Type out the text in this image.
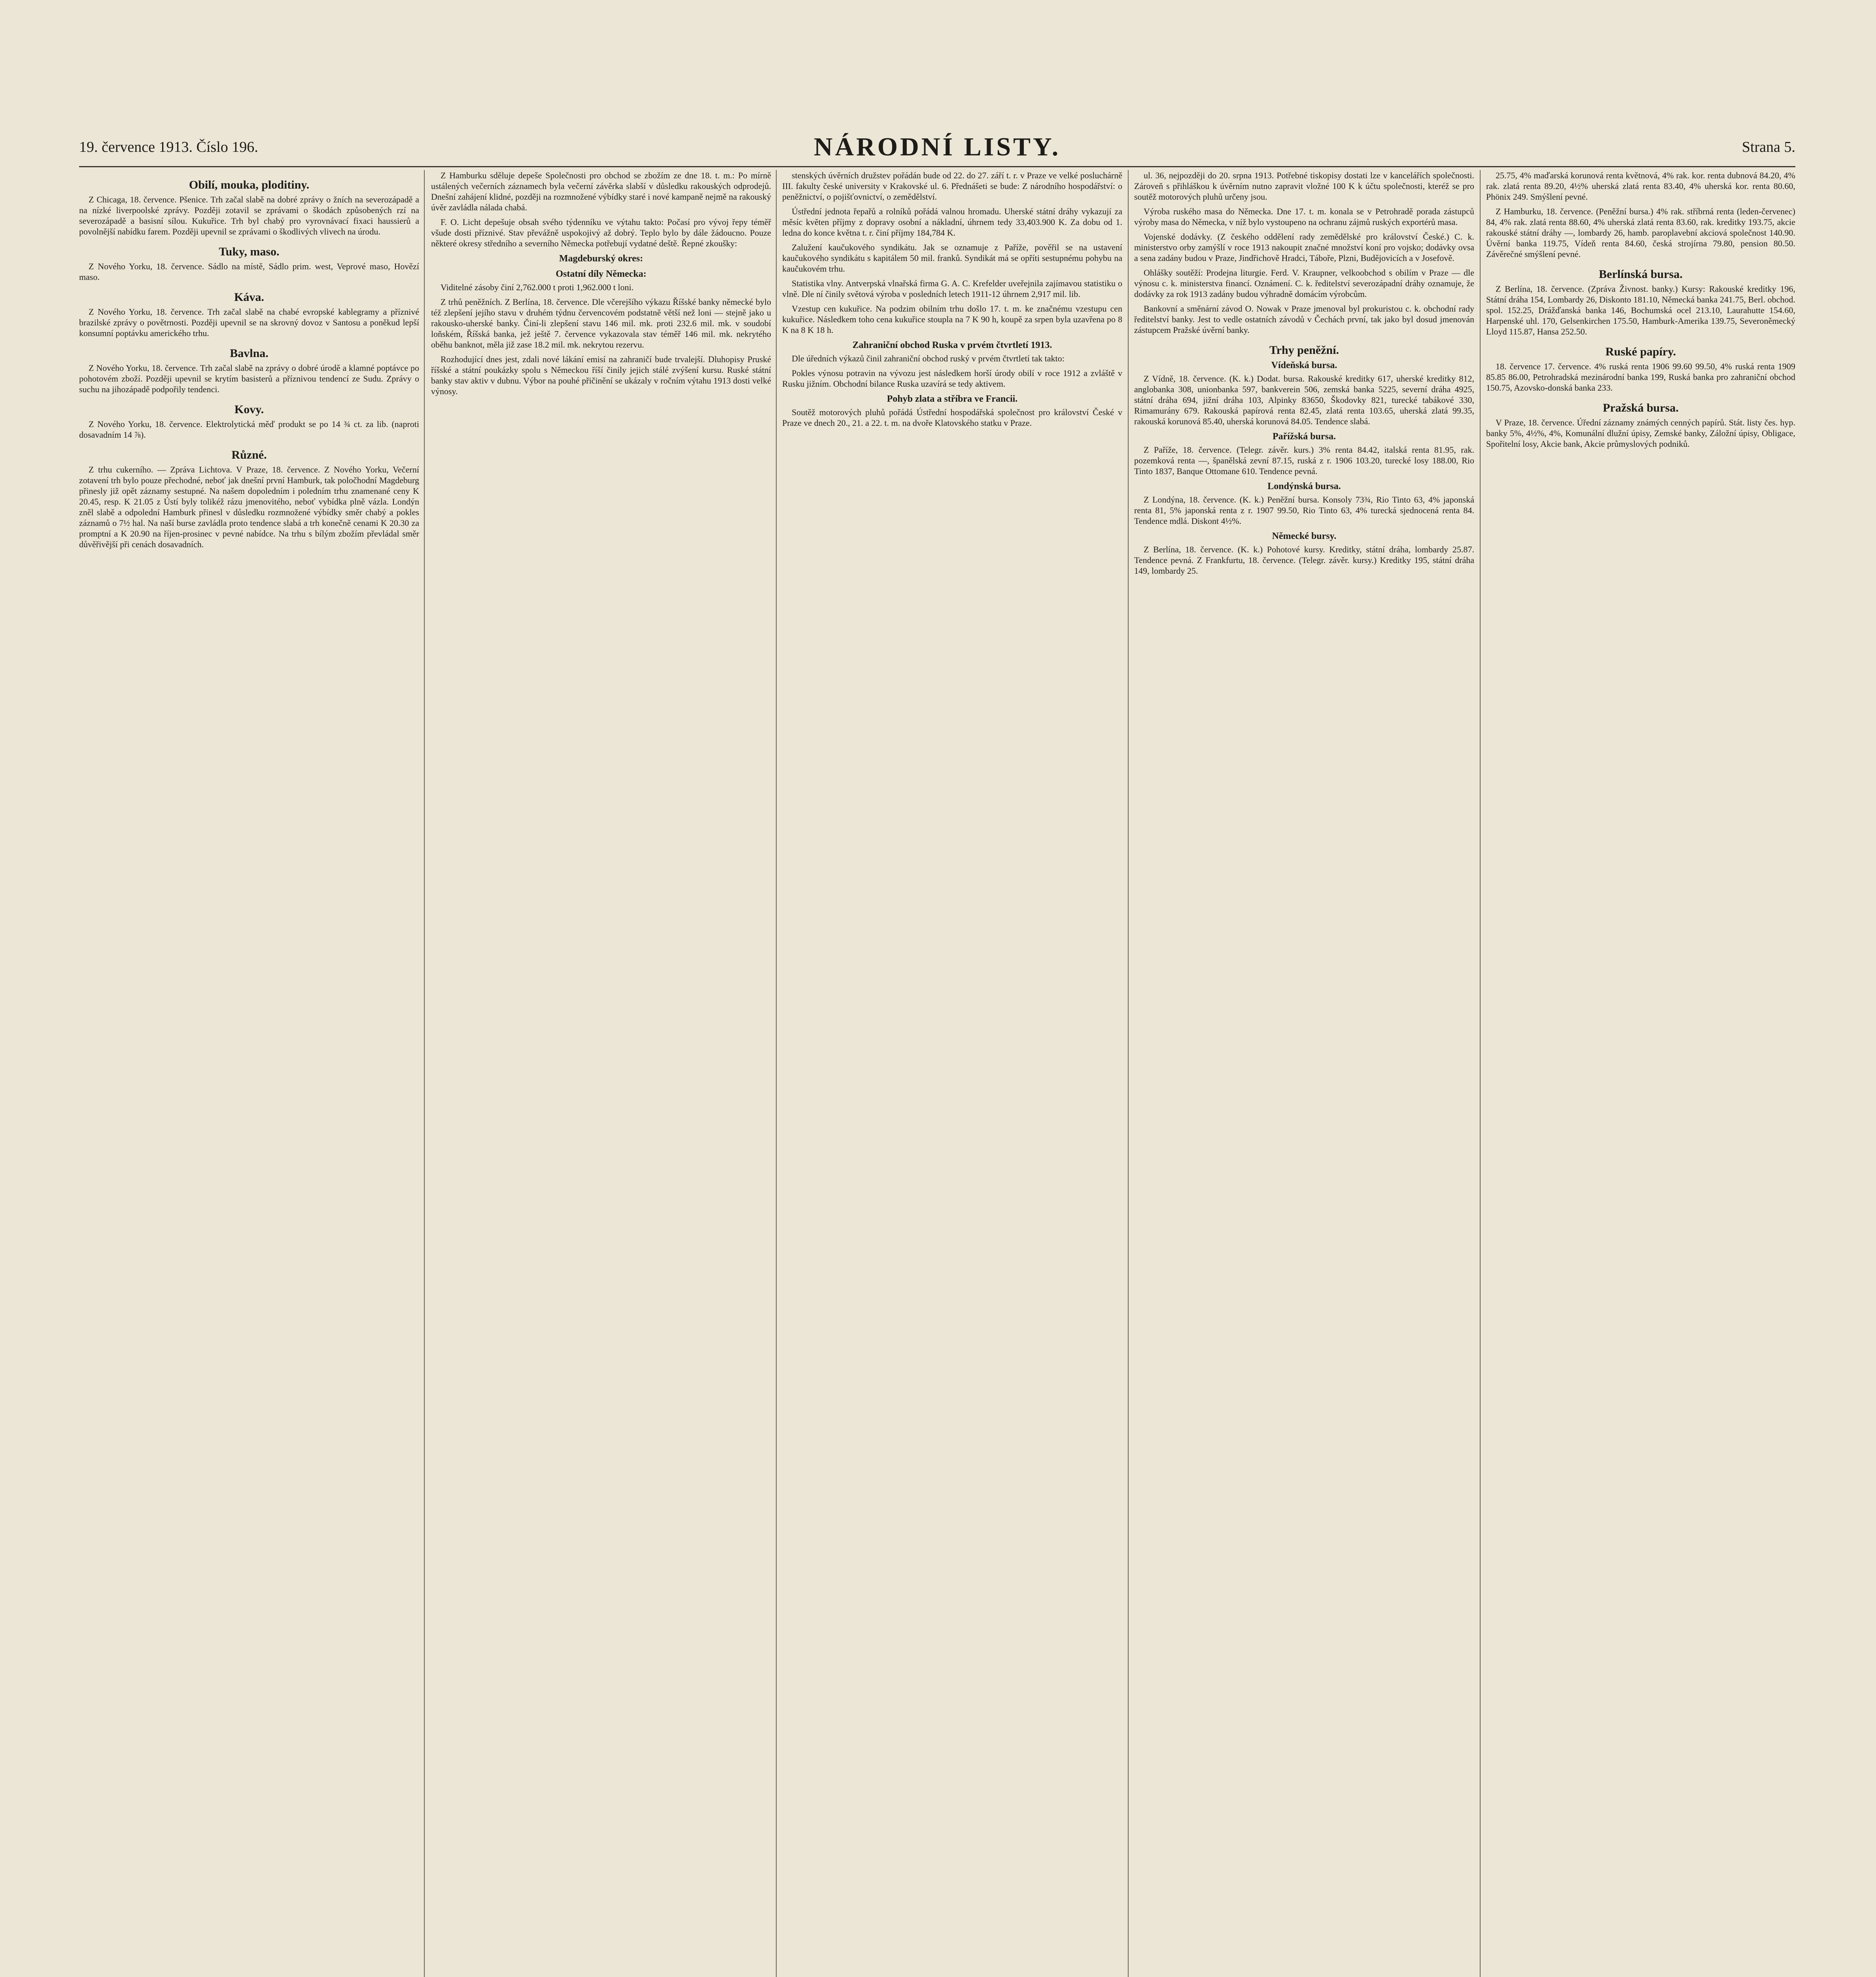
19. července 1913. Číslo 196.	NÁRODNÍ LISTY.	Strana 5.
Obilí, mouka, ploditiny.

Z Chicaga, 18. července. Pšenice. Trh začal slabě na dobré zprávy o žních na severozápadě a na nízké liverpoolské zprávy. Později zotavil se zprávami o škodách způsobených rzí na severozápadě a basisní sílou. Kukuřice. Trh byl chabý pro vyrovnávací fixaci haussierů a povolnější nabídku farem. Později upevnil se zprávami o škodlivých vlivech na úrodu.

Tuky, maso.

Z Nového Yorku, 18. července. Sádlo na místě, Sádlo prim. west, Veprové maso, Hovězí maso.

Káva.

Z Nového Yorku, 18. července. Trh začal slabě na chabé evropské kablegramy a příznivé brazilské zprávy o povětrnosti. Později upevnil se na skrovný dovoz v Santosu a poněkud lepší konsumní poptávku amerického trhu.

Bavlna.

Z Nového Yorku, 18. července. Trh začal slabě na zprávy o dobré úrodě a klamné poptávce po pohotovém zboží. Později upevnil se krytím basisterů a příznivou tendencí ze Sudu. Zprávy o suchu na jihozápadě podpořily tendenci.

Kovy.

Z Nového Yorku, 18. července. Elektrolytická měď produkt se po 14 ¾ ct. za lib. (naproti dosavadním 14 ⅞).

Různé.

Z trhu cukerního. — Zpráva Lichtova. V Praze, 18. července. Z Nového Yorku, Večerní zotavení trh bylo pouze přechodné, neboť jak dnešní první Hamburk, tak poločhodní Magdeburg přinesly již opět záznamy sestupné. Na našem dopoledním i poledním trhu znamenané ceny K 20.45, resp. K 21.05 z Ústí byly tolikéž rázu jmenovitého, neboť vybídka plně vázla. Londýn zněl slabě a odpolední Hamburk přinesl v důsledku rozmnožené výbídky směr chabý a pokles záznamů o 7½ hal. Na naší burse zavládla proto tendence slabá a trh konečně cenami K 20.30 za promptní a K 20.90 na říjen-prosinec v pevné nabídce. Na trhu s bílým zbožím převládal směr důvěřivější při cenách dosavadních.

Z Hamburku sděluje depeše Společnosti pro obchod se zbožím ze dne 18. t. m.: Po mírně ustálených večerních záznamech byla večerní závěrka slabší v důsledku rakouských odprodejů. Dnešní zahájení klidné, později na rozmnožené výbídky staré i nové kampaně nejmě na rakouský úvěr zavládla nálada chabá.

F. O. Licht depešuje obsah svého týdenníku ve výtahu takto: Počasí pro vývoj řepy téměř všude dosti příznivé. Stav převážně uspokojivý až dobrý. Teplo bylo by dále žádoucno. Pouze některé okresy středního a severního Německa potřebují vydatné deště. Řepné zkoušky:

Magdeburský okres:
Ostatní díly Německa:

Viditelné zásoby činí 2,762.000 t proti 1,962.000 t loni.

Z trhů peněžních. Z Berlína, 18. července. Dle včerejšího výkazu Říšské banky německé bylo též zlepšení jejího stavu v druhém týdnu červencovém podstatně větší než loni — stejně jako u rakousko-uherské banky. Činí-li zlepšení stavu 146 mil. mk. proti 232.6 mil. mk. v soudobí loňském, Říšská banka, jež ještě 7. července vykazovala stav téměř 146 mil. mk. nekrytého oběhu banknot, měla již zase 18.2 mil. mk. nekrytou rezervu.

Rozhodující dnes jest, zdali nové lákání emisí na zahraničí bude trvalejší. Dluhopisy Pruské říšské a státní poukázky spolu s Německou říší činily jejich stálé zvýšení kursu. Ruské státní banky stav aktiv v dubnu. Výbor na pouhé přičinění se ukázaly v ročním výtahu 1913 dosti velké výnosy.

stenských úvěrních družstev pořádán bude od 22. do 27. září t. r. v Praze ve velké posluchárně III. fakulty české university v Krakovské ul. 6. Přednášeti se bude: Z národního hospodářství: o peněžnictví, o pojišťovnictví, o zemědělství.

Ústřední jednota řepařů a rolníků pořádá valnou hromadu. Uherské státní dráhy vykazují za měsíc květen příjmy z dopravy osobní a nákladní, úhrnem tedy 33,403.900 K. Za dobu od 1. ledna do konce května t. r. činí příjmy 184,784 K.

Zalužení kaučukového syndikátu. Jak se oznamuje z Paříže, pověřil se na ustavení kaučukového syndikátu s kapitálem 50 mil. franků. Syndikát má se opříti sestupnému pohybu na kaučukovém trhu.

Statistika vlny. Antverpská vlnařská firma G. A. C. Krefelder uveřejnila zajímavou statistiku o vlně. Dle ní činily světová výroba v posledních letech 1911-12 úhrnem 2,917 mil. lib.

Vzestup cen kukuřice. Na podzim obilním trhu došlo 17. t. m. ke značnému vzestupu cen kukuřice. Následkem toho cena kukuřice stoupla na 7 K 90 h, koupě za srpen byla uzavřena po 8 K na 8 K 18 h.

Zahraniční obchod Ruska v prvém čtvrtletí 1913.

Dle úředních výkazů činil zahraniční obchod ruský v prvém čtvrtletí tak takto:

Pokles výnosu potravin na vývozu jest následkem horší úrody obilí v roce 1912 a zvláště v Rusku jižním. Obchodní bilance Ruska uzavírá se tedy aktivem.

Pohyb zlata a stříbra ve Francii.

Soutěž motorových pluhů pořádá Ústřední hospodářská společnost pro království České v Praze ve dnech 20., 21. a 22. t. m. na dvoře Klatovského statku v Praze.

ul. 36, nejpozději do 20. srpna 1913. Potřebné tiskopisy dostati lze v kancelářích společnosti. Zároveň s přihláškou k úvěrním nutno zapravit vložné 100 K k účtu společnosti, kteréž se pro soutěž motorových pluhů určeny jsou.

Výroba ruského masa do Německa. Dne 17. t. m. konala se v Petrohradě porada zástupců výroby masa do Německa, v níž bylo vystoupeno na ochranu zájmů ruských exportérů masa.

Vojenské dodávky. (Z českého oddělení rady zemědělské pro království České.) C. k. ministerstvo orby zamýšlí v roce 1913 nakoupit značné množství koní pro vojsko; dodávky ovsa a sena zadány budou v Praze, Jindřichově Hradci, Táboře, Plzni, Budějovicích a v Josefově.

Ohlášky soutěží: Prodejna liturgie. Ferd. V. Kraupner, velkoobchod s obilím v Praze — dle výnosu c. k. ministerstva financí. Oznámení. C. k. ředitelství severozápadní dráhy oznamuje, že dodávky za rok 1913 zadány budou výhradně domácím výrobcům.

Bankovní a směnární závod O. Nowak v Praze jmenoval byl prokuristou c. k. obchodní rady ředitelství banky. Jest to vedle ostatních závodů v Čechách první, tak jako byl dosud jmenován zástupcem Pražské úvěrní banky.

Trhy peněžní.
Vídeňská bursa.

Z Vídně, 18. července. (K. k.) Dodat. bursa. Rakouské kreditky 617, uherské kreditky 812, anglobanka 308, unionbanka 597, bankverein 506, zemská banka 5225, severní dráha 4925, státní dráha 694, jižní dráha 103, Alpinky 83650, Škodovky 821, turecké tabákové 330, Rimamurány 679. Rakouská papírová renta 82.45, zlatá renta 103.65, uherská zlatá 99.35, rakouská korunová 85.40, uherská korunová 84.05. Tendence slabá.

Pařížská bursa.

Z Paříže, 18. července. (Telegr. závěr. kurs.) 3% renta 84.42, italská renta 81.95, rak. pozemková renta —, španělská zevní 87.15, ruská z r. 1906 103.20, turecké losy 188.00, Rio Tinto 1837, Banque Ottomane 610. Tendence pevná.

Londýnská bursa.

Z Londýna, 18. července. (K. k.) Peněžní bursa. Konsoly 73¾, Rio Tinto 63, 4% japonská renta 81, 5% japonská renta z r. 1907 99.50, Rio Tinto 63, 4% turecká sjednocená renta 84. Tendence mdlá. Diskont 4½%.

Německé bursy.

Z Berlína, 18. července. (K. k.) Pohotové kursy. Kreditky, státní dráha, lombardy 25.87. Tendence pevná. Z Frankfurtu, 18. července. (Telegr. závěr. kursy.) Kreditky 195, státní dráha 149, lombardy 25.

25.75, 4% maďarská korunová renta květnová, 4% rak. kor. renta dubnová 84.20, 4% rak. zlatá renta 89.20, 4½% uherská zlatá renta 83.40, 4% uherská kor. renta 80.60, Phönix 249. Smýšlení pevné.

Z Hamburku, 18. července. (Peněžní bursa.) 4% rak. stříbrná renta (leden-červenec) 84, 4% rak. zlatá renta 88.60, 4% uherská zlatá renta 83.60, rak. kreditky 193.75, akcie rakouské státní dráhy —, lombardy 26, hamb. paroplavební akciová společnost 140.90. Úvěrní banka 119.75, Vídeň renta 84.60, česká strojírna 79.80, pension 80.50. Závěrečné smýšlení pevné.

Berlínská bursa.

Z Berlína, 18. července. (Zpráva Živnost. banky.) Kursy: Rakouské kreditky 196, Státní dráha 154, Lombardy 26, Diskonto 181.10, Německá banka 241.75, Berl. obchod. spol. 152.25, Drážďanská banka 146, Bochumská ocel 213.10, Laurahutte 154.60, Harpenské uhl. 170, Gelsenkirchen 175.50, Hamburk-Amerika 139.75, Severoněmecký Lloyd 115.87, Hansa 252.50.

Ruské papíry.

18. července 17. července. 4% ruská renta 1906 99.60 99.50, 4% ruská renta 1909 85.85 86.00, Petrohradská mezinárodní banka 199, Ruská banka pro zahraniční obchod 150.75, Azovsko-donská banka 233.

Pražská bursa.

V Praze, 18. července. Úřední záznamy známých cenných papírů. Stát. listy čes. hyp. banky 5%, 4½%, 4%, Komunální dlužní úpisy, Zemské banky, Záložní úpisy, Obligace, Spořitelní losy, Akcie bank, Akcie průmyslových podniků.
